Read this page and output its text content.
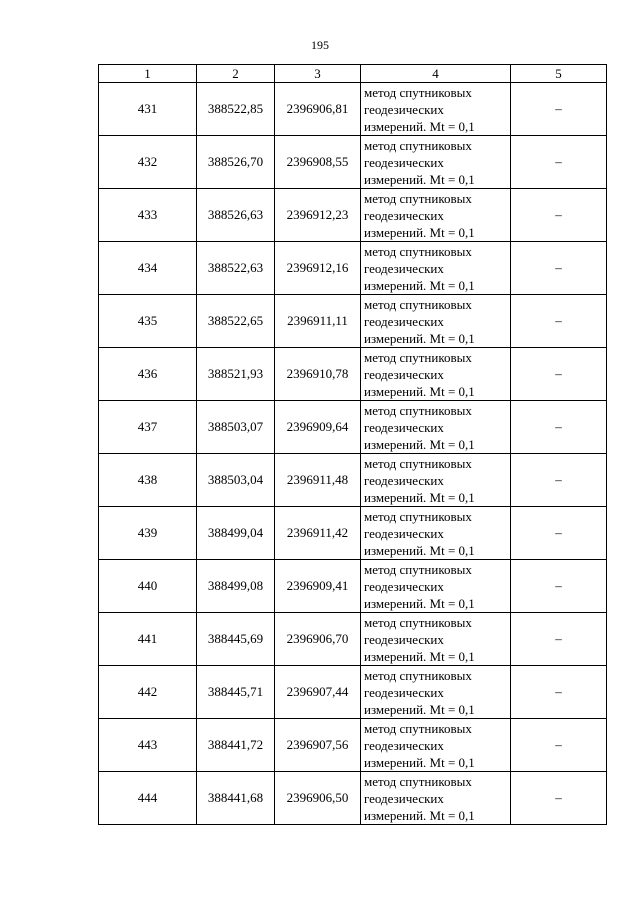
195
1	2	3	4	5
431	388522,85	2396906,81	метод спутниковых
геодезических
измерений. Mt = 0,1	–
432	388526,70	2396908,55	метод спутниковых
геодезических
измерений. Mt = 0,1	–
433	388526,63	2396912,23	метод спутниковых
геодезических
измерений. Mt = 0,1	–
434	388522,63	2396912,16	метод спутниковых
геодезических
измерений. Mt = 0,1	–
435	388522,65	2396911,11	метод спутниковых
геодезических
измерений. Mt = 0,1	–
436	388521,93	2396910,78	метод спутниковых
геодезических
измерений. Mt = 0,1	–
437	388503,07	2396909,64	метод спутниковых
геодезических
измерений. Mt = 0,1	–
438	388503,04	2396911,48	метод спутниковых
геодезических
измерений. Mt = 0,1	–
439	388499,04	2396911,42	метод спутниковых
геодезических
измерений. Mt = 0,1	–
440	388499,08	2396909,41	метод спутниковых
геодезических
измерений. Mt = 0,1	–
441	388445,69	2396906,70	метод спутниковых
геодезических
измерений. Mt = 0,1	–
442	388445,71	2396907,44	метод спутниковых
геодезических
измерений. Mt = 0,1	–
443	388441,72	2396907,56	метод спутниковых
геодезических
измерений. Mt = 0,1	–
444	388441,68	2396906,50	метод спутниковых
геодезических
измерений. Mt = 0,1	–
